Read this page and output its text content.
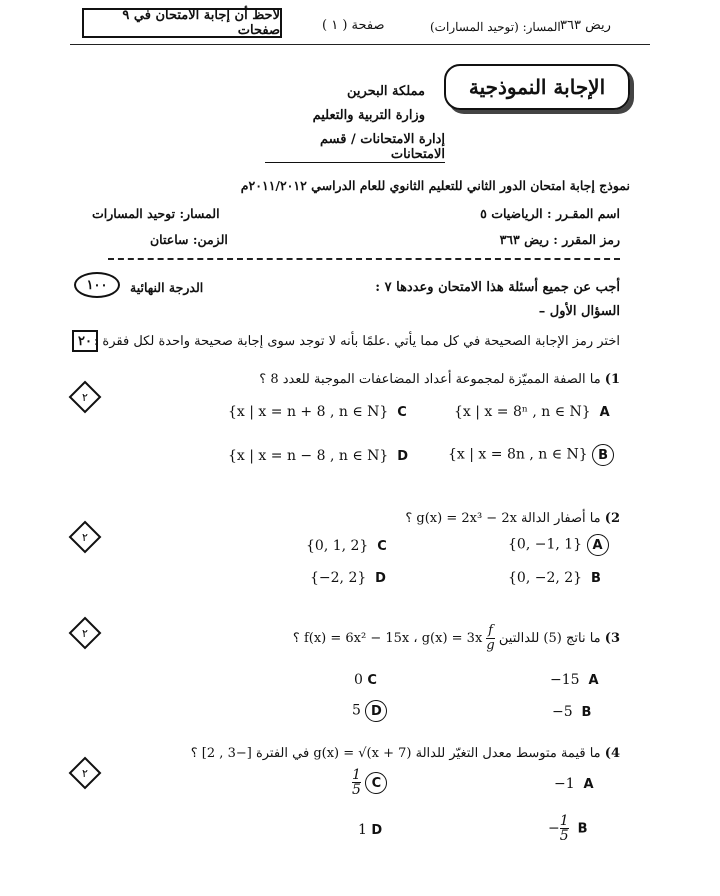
لاحظ أن إجابة الامتحان في ٩ صفحات	صفحة ( ١ )	المسار: (توحيد المسارات) ريض ٣٦٣
الإجابة النموذجية
مملكة البحرين
وزارة التربية والتعليم
إدارة الامتحانات / قسم الامتحانات
نموذج إجابة امتحان الدور الثاني للتعليم الثانوي للعام الدراسي ٢٠١١/٢٠١٢م
اسم المقـرر : الرياضيات ٥
المسار: توحيد المسارات
رمز المقرر : ريض ٣٦٣
الزمن: ساعتان
أجب عن جميع أسئلة هذا الامتحان وعددها ٧ :
الدرجة النهائية
١٠٠
السؤال الأول –
اختر رمز الإجابة الصحيحة في كل مما يأتي .علمًا بأنه لا توجد سوى إجابة صحيحة واحدة لكل فقرة :
٢٠
1) ما الصفة المميّزة لمجموعة أعداد المضاعفات الموجبة للعدد 8 ؟
٢
{x | x = n + 8 , n ∈ N} C	{x | x = 8ⁿ , n ∈ N} A
{x | x = n − 8 , n ∈ N} D	{x | x = 8n , n ∈ N} B
2) ما أصفار الدالة g(x) = 2x³ − 2x ؟
٢
{0, 1, 2} C	{0, −1, 1} A
{−2, 2} D	{0, −2, 2} B
3) ما ناتج (5) للدالتين
$\frac{f}{g}$
f(x) = 6x² − 15x ، g(x) = 3x ؟
٢
0 C	−15 A
5 D	−5 B
4) ما قيمة متوسط معدل التغيّر للدالة g(x) = √(x + 7) في الفترة [−3 , 2] ؟
٢	$\frac{1}{5}$ C	−1 A
1 D	− $\frac{1}{5}$ B
